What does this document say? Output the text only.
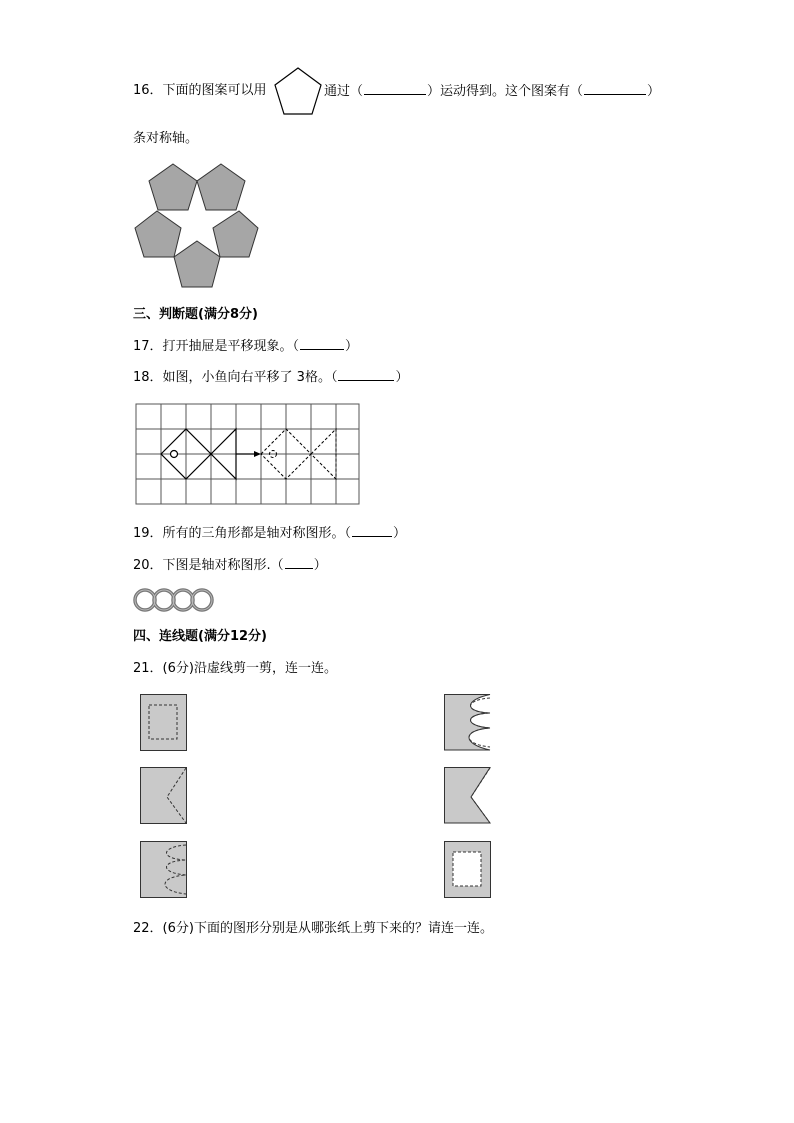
16．下面的图案可以用	通过（	）运动得到。这个图案有（	）
条对称轴。
三、判断题(满分8分)
17．打开抽屉是平移现象。（	）
18．如图，小鱼向右平移了 3格。（	）
19．所有的三角形都是轴对称图形。（	）
20．下图是轴对称图形.（ ）
四、连线题(满分12分)
21．(6分)沿虚线剪一剪，连一连。
22．(6分)下面的图形分别是从哪张纸上剪下来的？请连一连。
